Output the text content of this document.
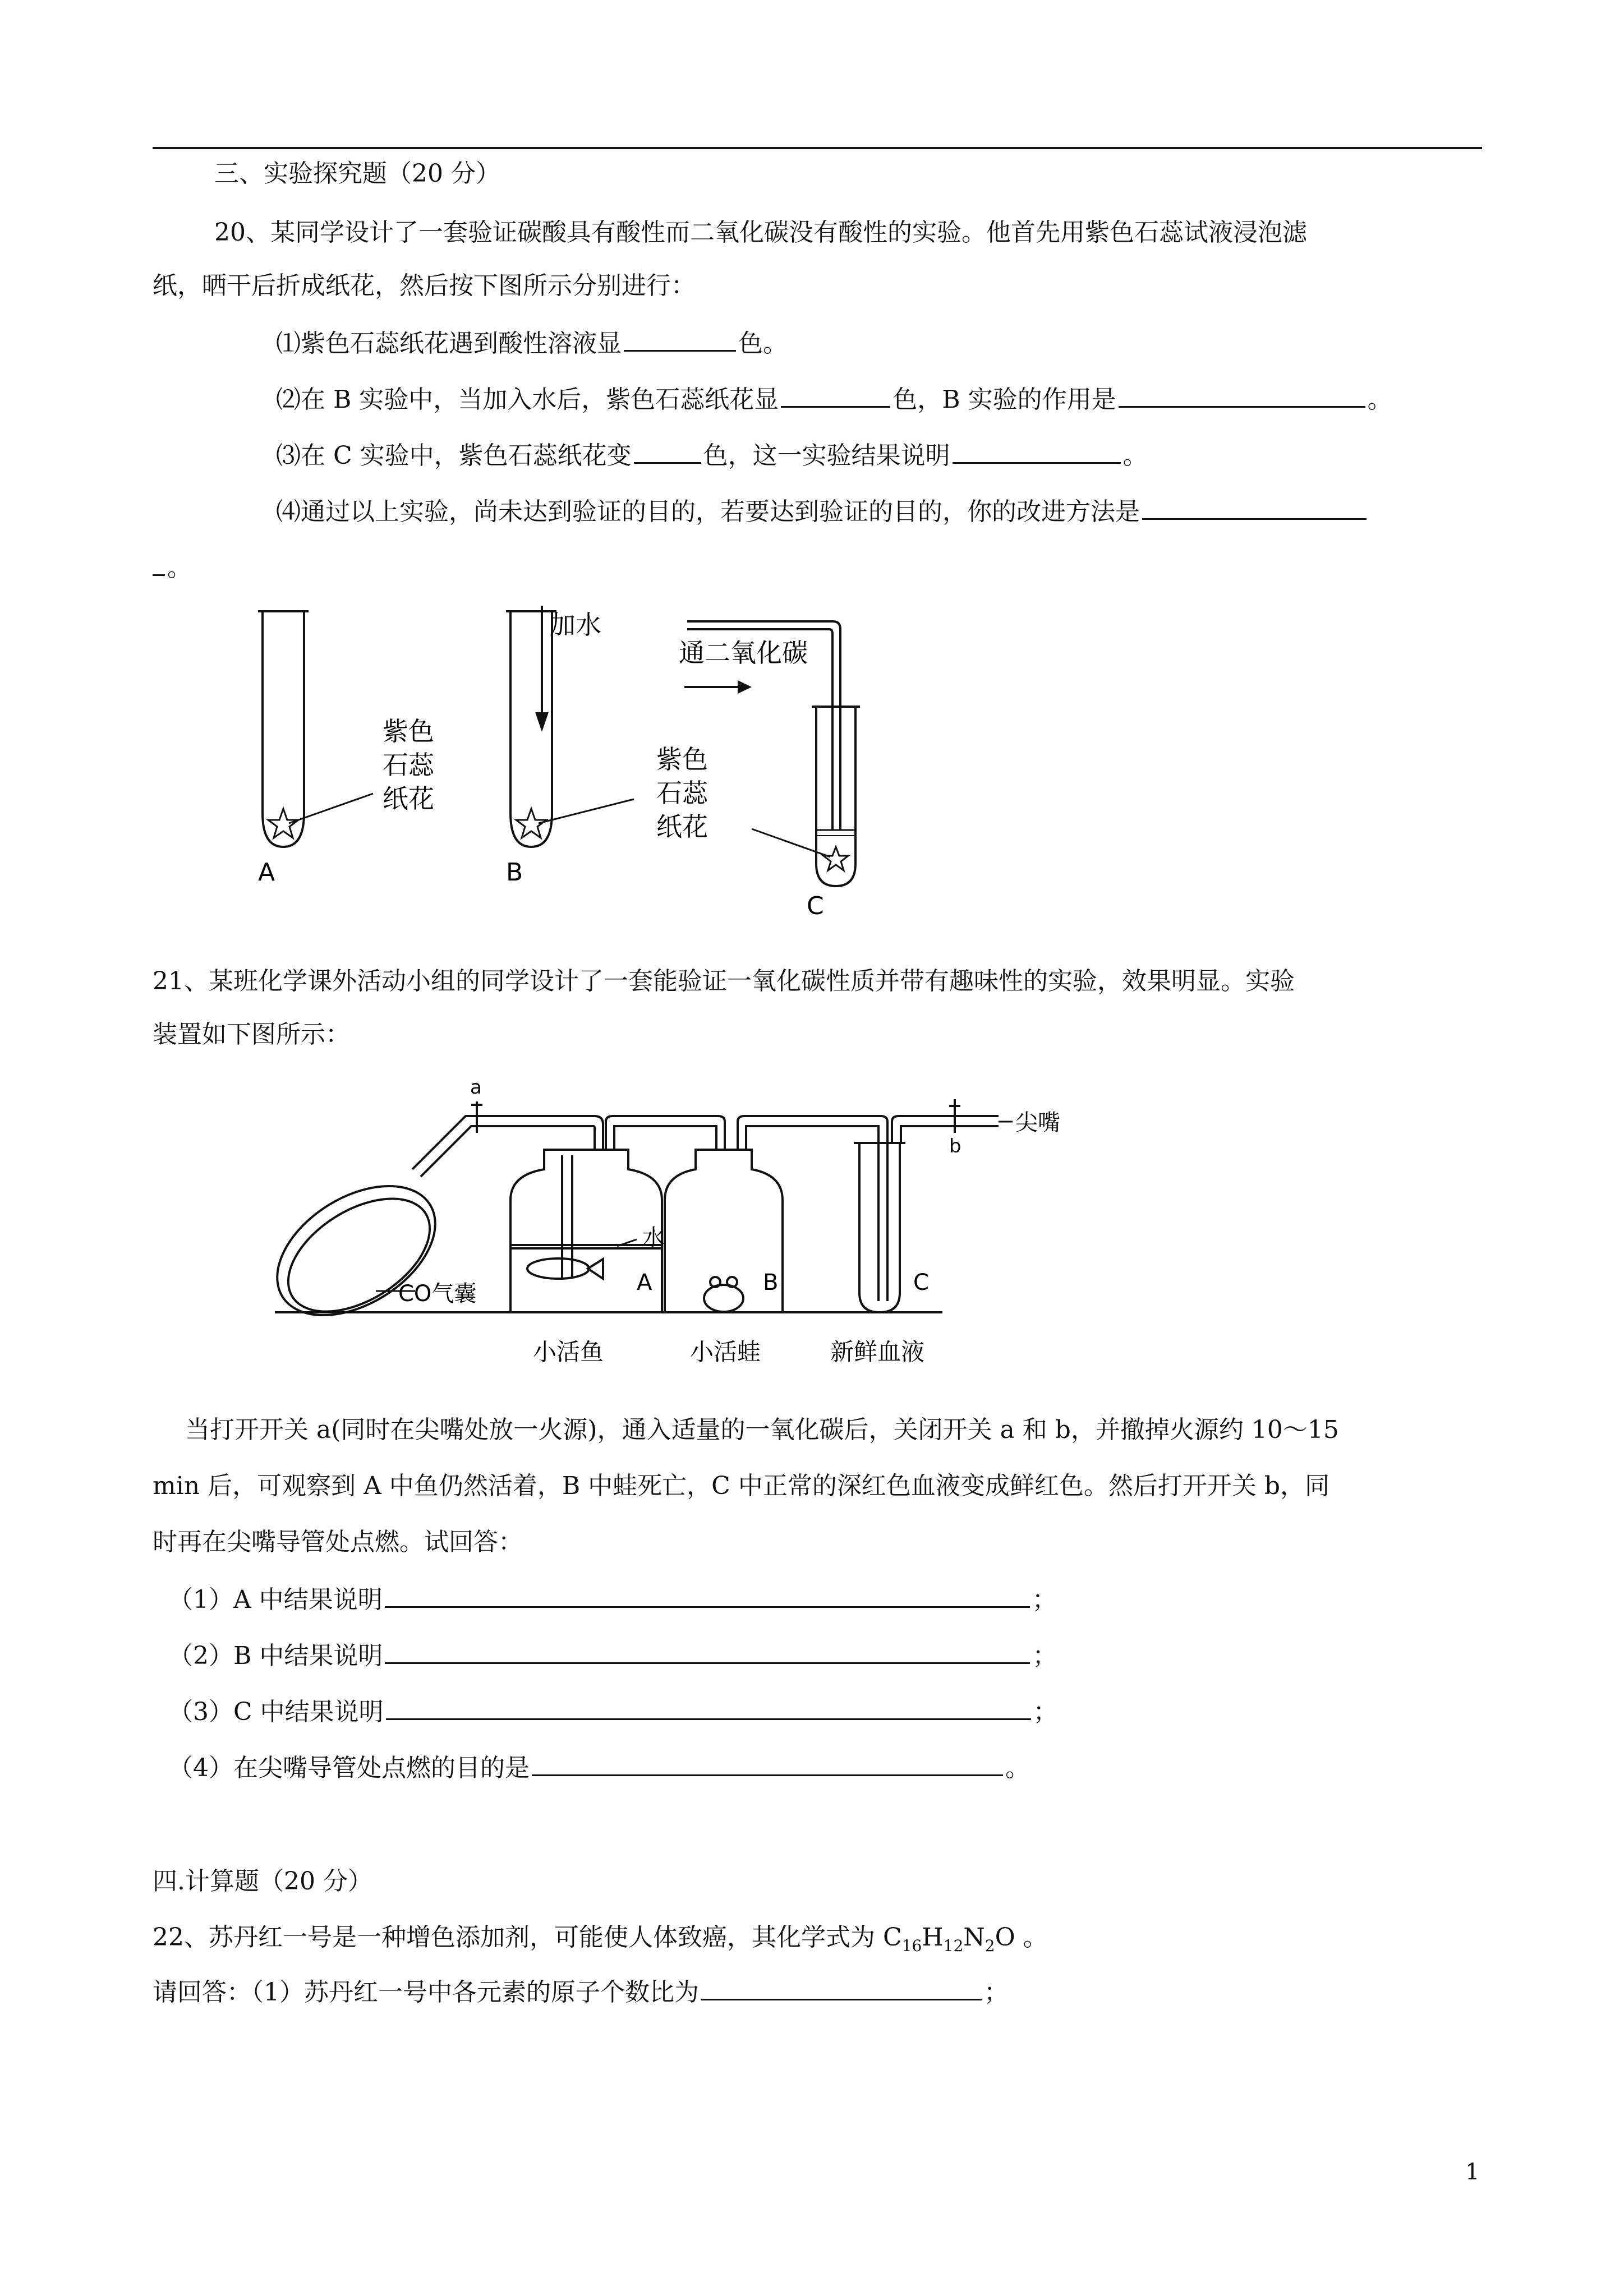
三、实验探究题（20 分）
20、某同学设计了一套验证碳酸具有酸性而二氧化碳没有酸性的实验。他首先用紫色石蕊试液浸泡滤
纸，晒干后折成纸花，然后按下图所示分别进行：
⑴紫色石蕊纸花遇到酸性溶液显	色。
⑵在 B 实验中，当加入水后，紫色石蕊纸花显	色，B 实验的作用是	。
⑶在 C 实验中，紫色石蕊纸花变	色，这一实验结果说明	。
⑷通过以上实验，尚未达到验证的目的，若要达到验证的目的，你的改进方法是
。
紫色
石蕊
纸花
A
加水
紫色
石蕊
纸花
B
通二氧化碳
C
21、某班化学课外活动小组的同学设计了一套能验证一氧化碳性质并带有趣味性的实验，效果明显。实验
装置如下图所示：
CO气囊
a
水
A
小活鱼
B
小活蛙
C
新鲜血液
b
尖嘴
当打开开关 a(同时在尖嘴处放一火源)，通入适量的一氧化碳后，关闭开关 a 和 b，并撤掉火源约 10～15
min 后，可观察到 A 中鱼仍然活着，B 中蛙死亡，C 中正常的深红色血液变成鲜红色。然后打开开关 b，同
时再在尖嘴导管处点燃。试回答：
（1）A 中结果说明	；
（2）B 中结果说明	；
（3）C 中结果说明	；
（4）在尖嘴导管处点燃的目的是	。
四.计算题（20 分）
22、苏丹红一号是一种增色添加剂，可能使人体致癌，其化学式为 $C_{16}H_{12}N_2O$ 。
请回答：（1）苏丹红一号中各元素的原子个数比为	；
1
